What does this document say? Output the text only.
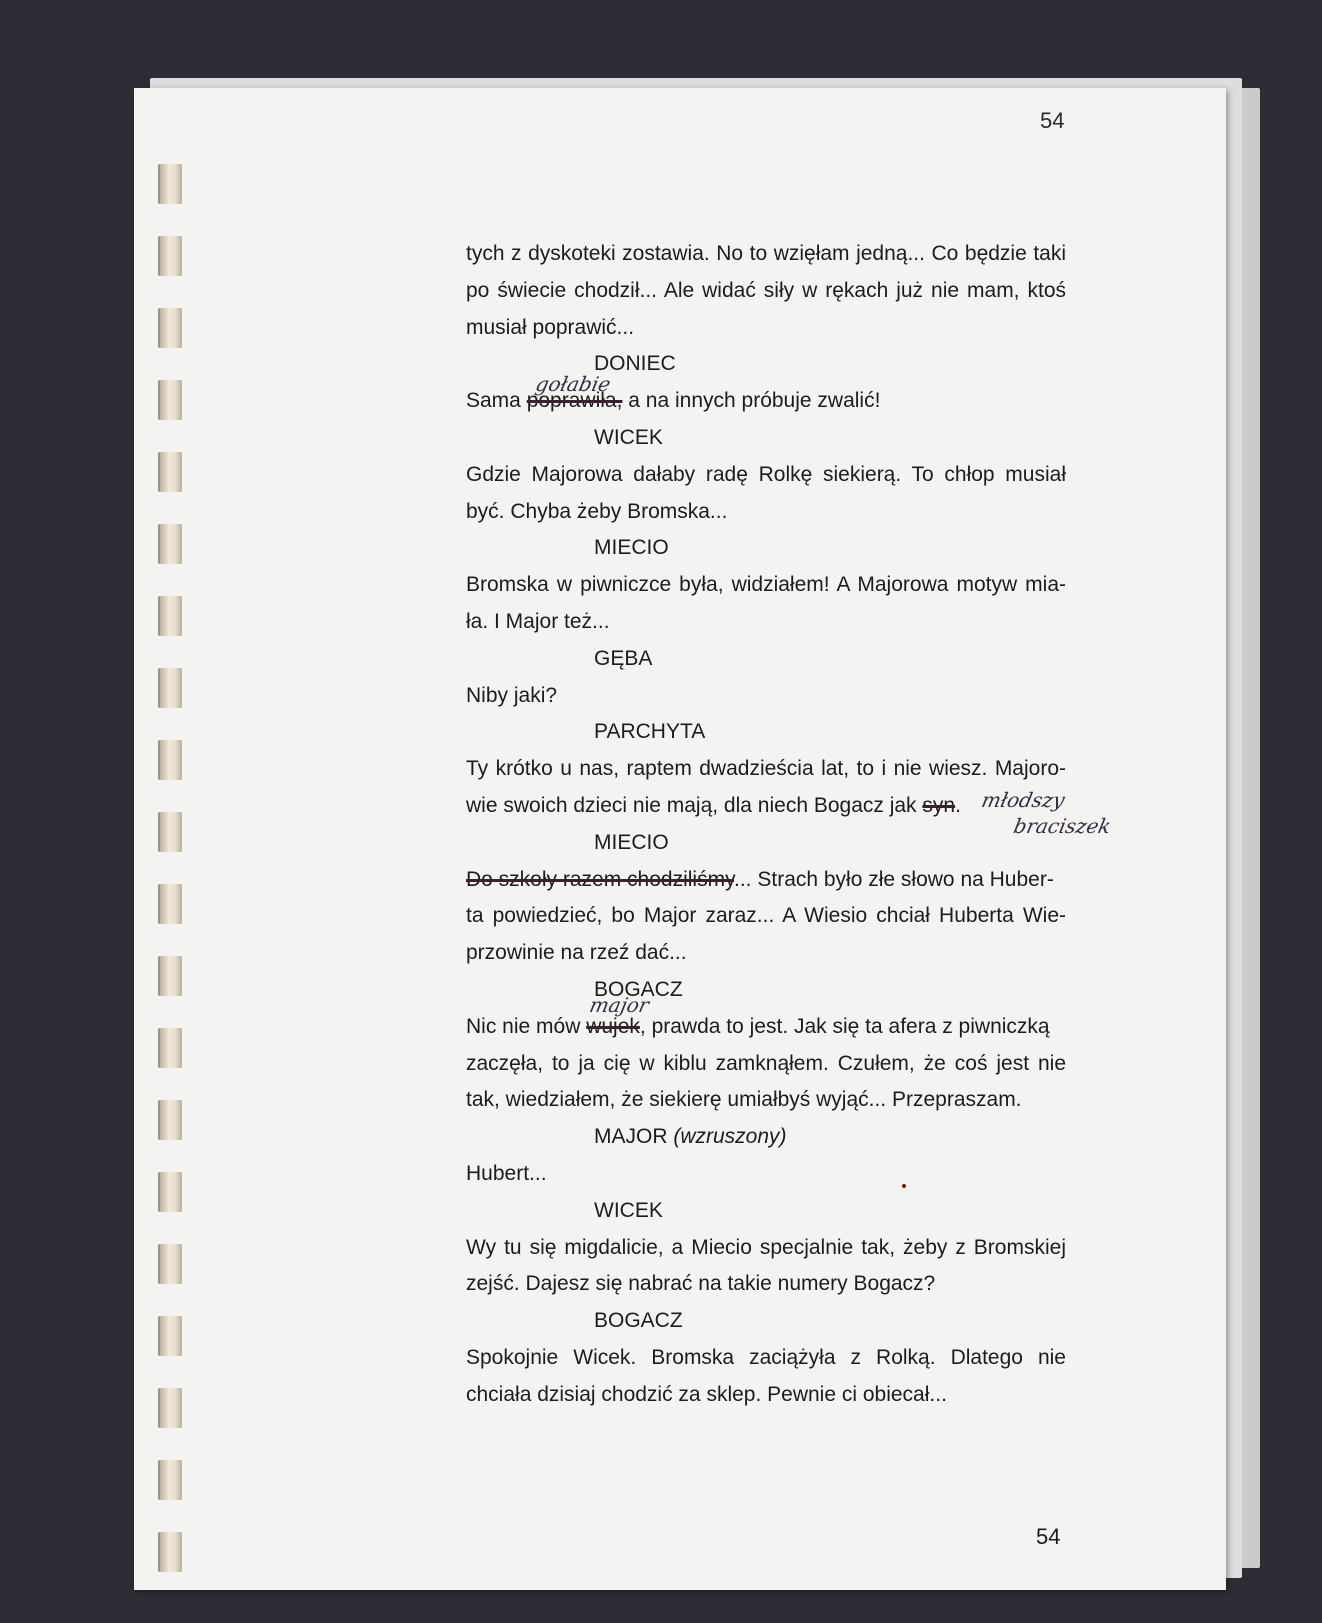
54
tych z dyskoteki zostawia. No to wzięłam jedną... Co będzie taki
po świecie chodził... Ale widać siły w rękach już nie mam, ktoś
musiał poprawić...
DONIEC
Sama poprawiła, a na innych próbuje zwalić!
WICEK
Gdzie Majorowa dałaby radę Rolkę siekierą. To chłop musiał
być. Chyba żeby Bromska...
MIECIO
Bromska w piwniczce była, widziałem! A Majorowa motyw mia-
ła. I Major też...
GĘBA
Niby jaki?
PARCHYTA
Ty krótko u nas, raptem dwadzieścia lat, to i nie wiesz. Majoro-
wie swoich dzieci nie mają, dla niech Bogacz jak syn.
MIECIO
Do szkoły razem chodziliśmy... Strach było złe słowo na Huber-
ta powiedzieć, bo Major zaraz... A Wiesio chciał Huberta Wie-
przowinie na rzeź dać...
BOGACZ
Nic nie mów wujek, prawda to jest. Jak się ta afera z piwniczką
zaczęła, to ja cię w kiblu zamknąłem. Czułem, że coś jest nie
tak, wiedziałem, że siekierę umiałbyś wyjąć... Przepraszam.
MAJOR (wzruszony)
Hubert...
WICEK
Wy tu się migdalicie, a Miecio specjalnie tak, żeby z Bromskiej
zejść. Dajesz się nabrać na takie numery Bogacz?
BOGACZ
Spokojnie Wicek. Bromska zaciążyła z Rolką. Dlatego nie
chciała dzisiaj chodzić za sklep. Pewnie ci obiecał...
gołabie
młodszy
braciszek
major
54
